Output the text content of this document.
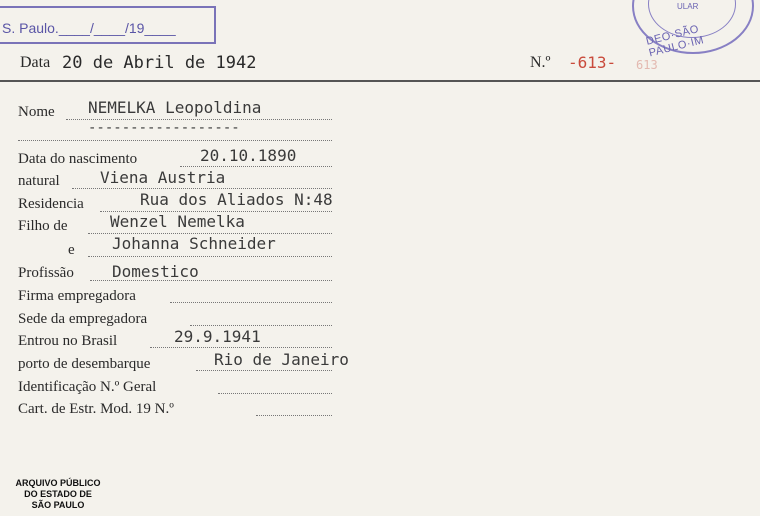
S. Paulo.____/____/19____
ULAR
DEO·SÃO PAULO·IM
Data 20 de Abril de 1942	N.º -613- 613
Nome NEMELKA Leopoldina
------------------
Data do nascimento	20.10.1890
natural	Viena Austria
Residencia	Rua dos Aliados N:48
Filho de	Wenzel Nemelka
e Johanna Schneider
Profissão Domestico
Firma empregadora
Sede da empregadora
Entrou no Brasil	29.9.1941
porto de desembarque	Rio de Janeiro
Identificação N.º Geral
Cart. de Estr. Mod. 19 N.º
ARQUIVO PÚBLICO
DO ESTADO DE
SÃO PAULO
